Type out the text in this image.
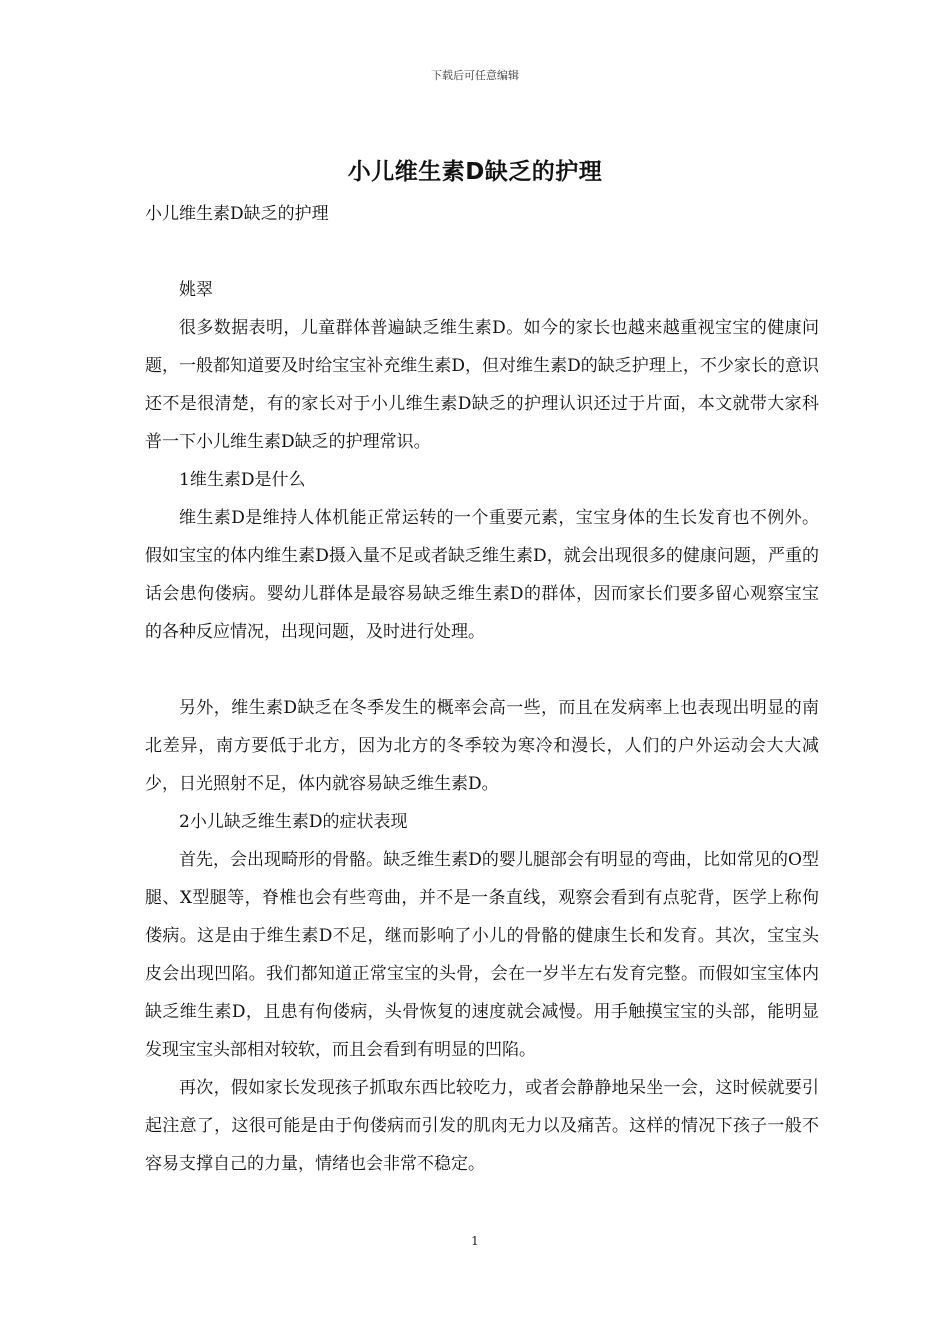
下载后可任意编辑
小儿维生素D缺乏的护理
小儿维生素D缺乏的护理

姚翠

很多数据表明，儿童群体普遍缺乏维生素D。如今的家长也越来越重视宝宝的健康问题，一般都知道要及时给宝宝补充维生素D，但对维生素D的缺乏护理上，不少家长的意识还不是很清楚，有的家长对于小儿维生素D缺乏的护理认识还过于片面，本文就带大家科普一下小儿维生素D缺乏的护理常识。

1维生素D是什么

维生素D是维持人体机能正常运转的一个重要元素，宝宝身体的生长发育也不例外。假如宝宝的体内维生素D摄入量不足或者缺乏维生素D，就会出现很多的健康问题，严重的话会患佝偻病。婴幼儿群体是最容易缺乏维生素D的群体，因而家长们要多留心观察宝宝的各种反应情况，出现问题，及时进行处理。

另外，维生素D缺乏在冬季发生的概率会高一些，而且在发病率上也表现出明显的南北差异，南方要低于北方，因为北方的冬季较为寒冷和漫长，人们的户外运动会大大减少，日光照射不足，体内就容易缺乏维生素D。

2小儿缺乏维生素D的症状表现

首先，会出现畸形的骨骼。缺乏维生素D的婴儿腿部会有明显的弯曲，比如常见的O型腿、X型腿等，脊椎也会有些弯曲，并不是一条直线，观察会看到有点驼背，医学上称佝偻病。这是由于维生素D不足，继而影响了小儿的骨骼的健康生长和发育。其次，宝宝头皮会出现凹陷。我们都知道正常宝宝的头骨，会在一岁半左右发育完整。而假如宝宝体内缺乏维生素D，且患有佝偻病，头骨恢复的速度就会减慢。用手触摸宝宝的头部，能明显发现宝宝头部相对较软，而且会看到有明显的凹陷。

再次，假如家长发现孩子抓取东西比较吃力，或者会静静地呆坐一会，这时候就要引起注意了，这很可能是由于佝偻病而引发的肌肉无力以及痛苦。这样的情况下孩子一般不容易支撑自己的力量，情绪也会非常不稳定。

1
